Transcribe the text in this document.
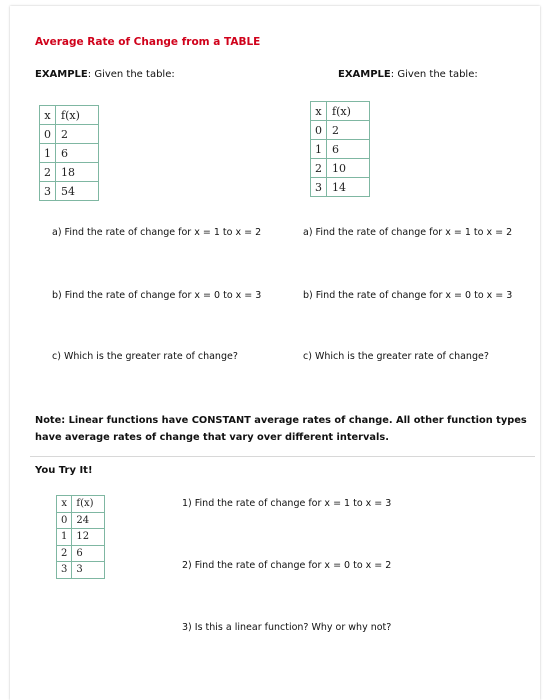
Average Rate of Change from a TABLE
EXAMPLE: Given the table:
x	f(x)
0	2
1	6
2	18
3	54
a) Find the rate of change for x = 1 to x = 2
b) Find the rate of change for x = 0 to x = 3
c) Which is the greater rate of change?
EXAMPLE: Given the table:
x	f(x)
0	2
1	6
2	10
3	14
a) Find the rate of change for x = 1 to x = 2
b) Find the rate of change for x = 0 to x = 3
c) Which is the greater rate of change?
Note: Linear functions have CONSTANT average rates of change. All other function types have average rates of change that vary over different intervals.
You Try It!
x	f(x)
0	24
1	12
2	6
3	3
1) Find the rate of change for x = 1 to x = 3
2) Find the rate of change for x = 0 to x = 2
3) Is this a linear function? Why or why not?
